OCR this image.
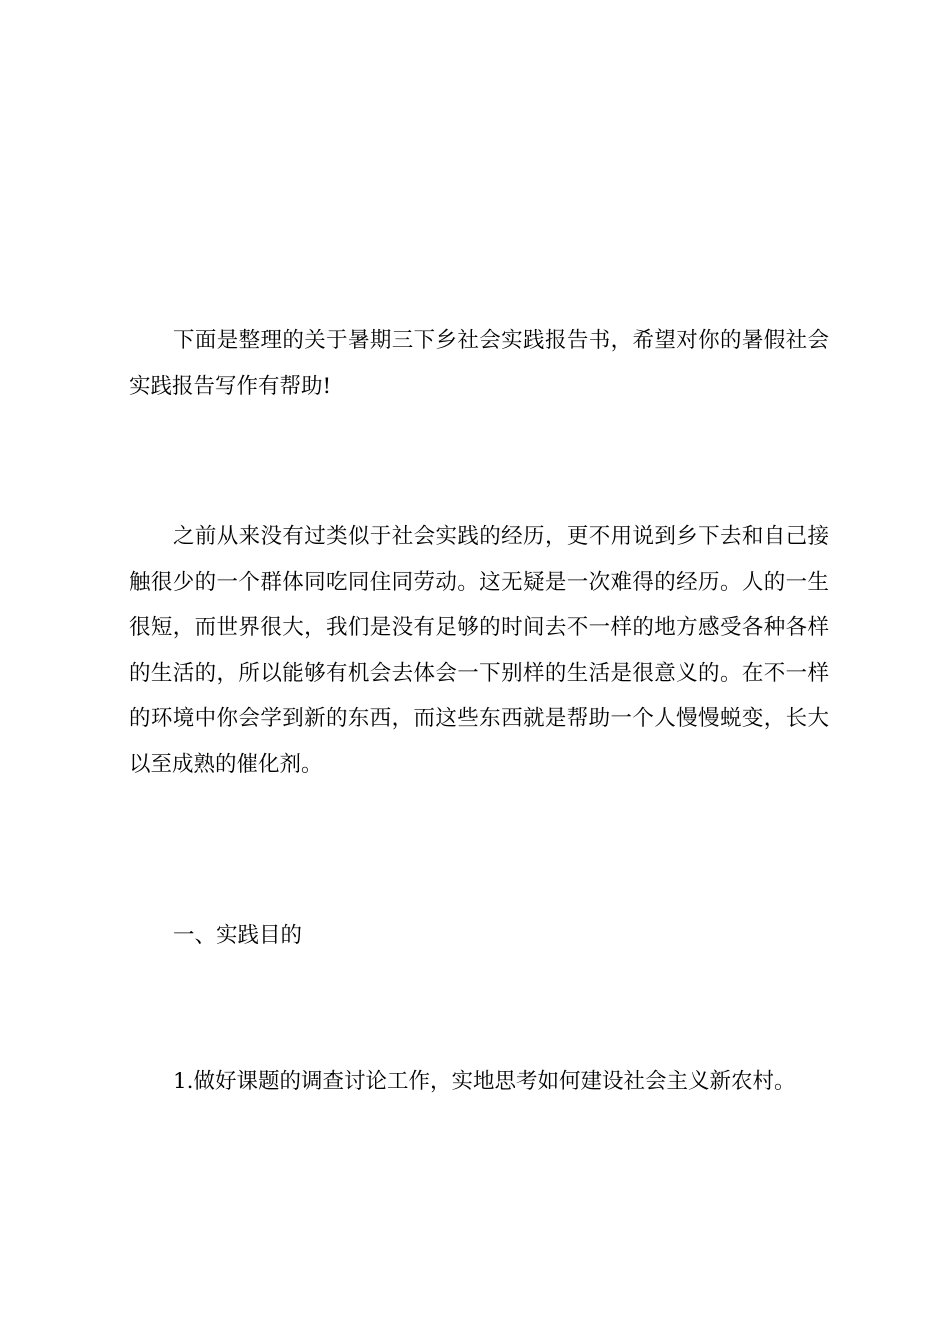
下面是整理的关于暑期三下乡社会实践报告书，希望对你的暑假社会实践报告写作有帮助!

之前从来没有过类似于社会实践的经历，更不用说到乡下去和自己接触很少的一个群体同吃同住同劳动。这无疑是一次难得的经历。人的一生很短，而世界很大，我们是没有足够的时间去不一样的地方感受各种各样的生活的，所以能够有机会去体会一下别样的生活是很意义的。在不一样的环境中你会学到新的东西，而这些东西就是帮助一个人慢慢蜕变，长大以至成熟的催化剂。

一、实践目的

1.做好课题的调查讨论工作，实地思考如何建设社会主义新农村。
